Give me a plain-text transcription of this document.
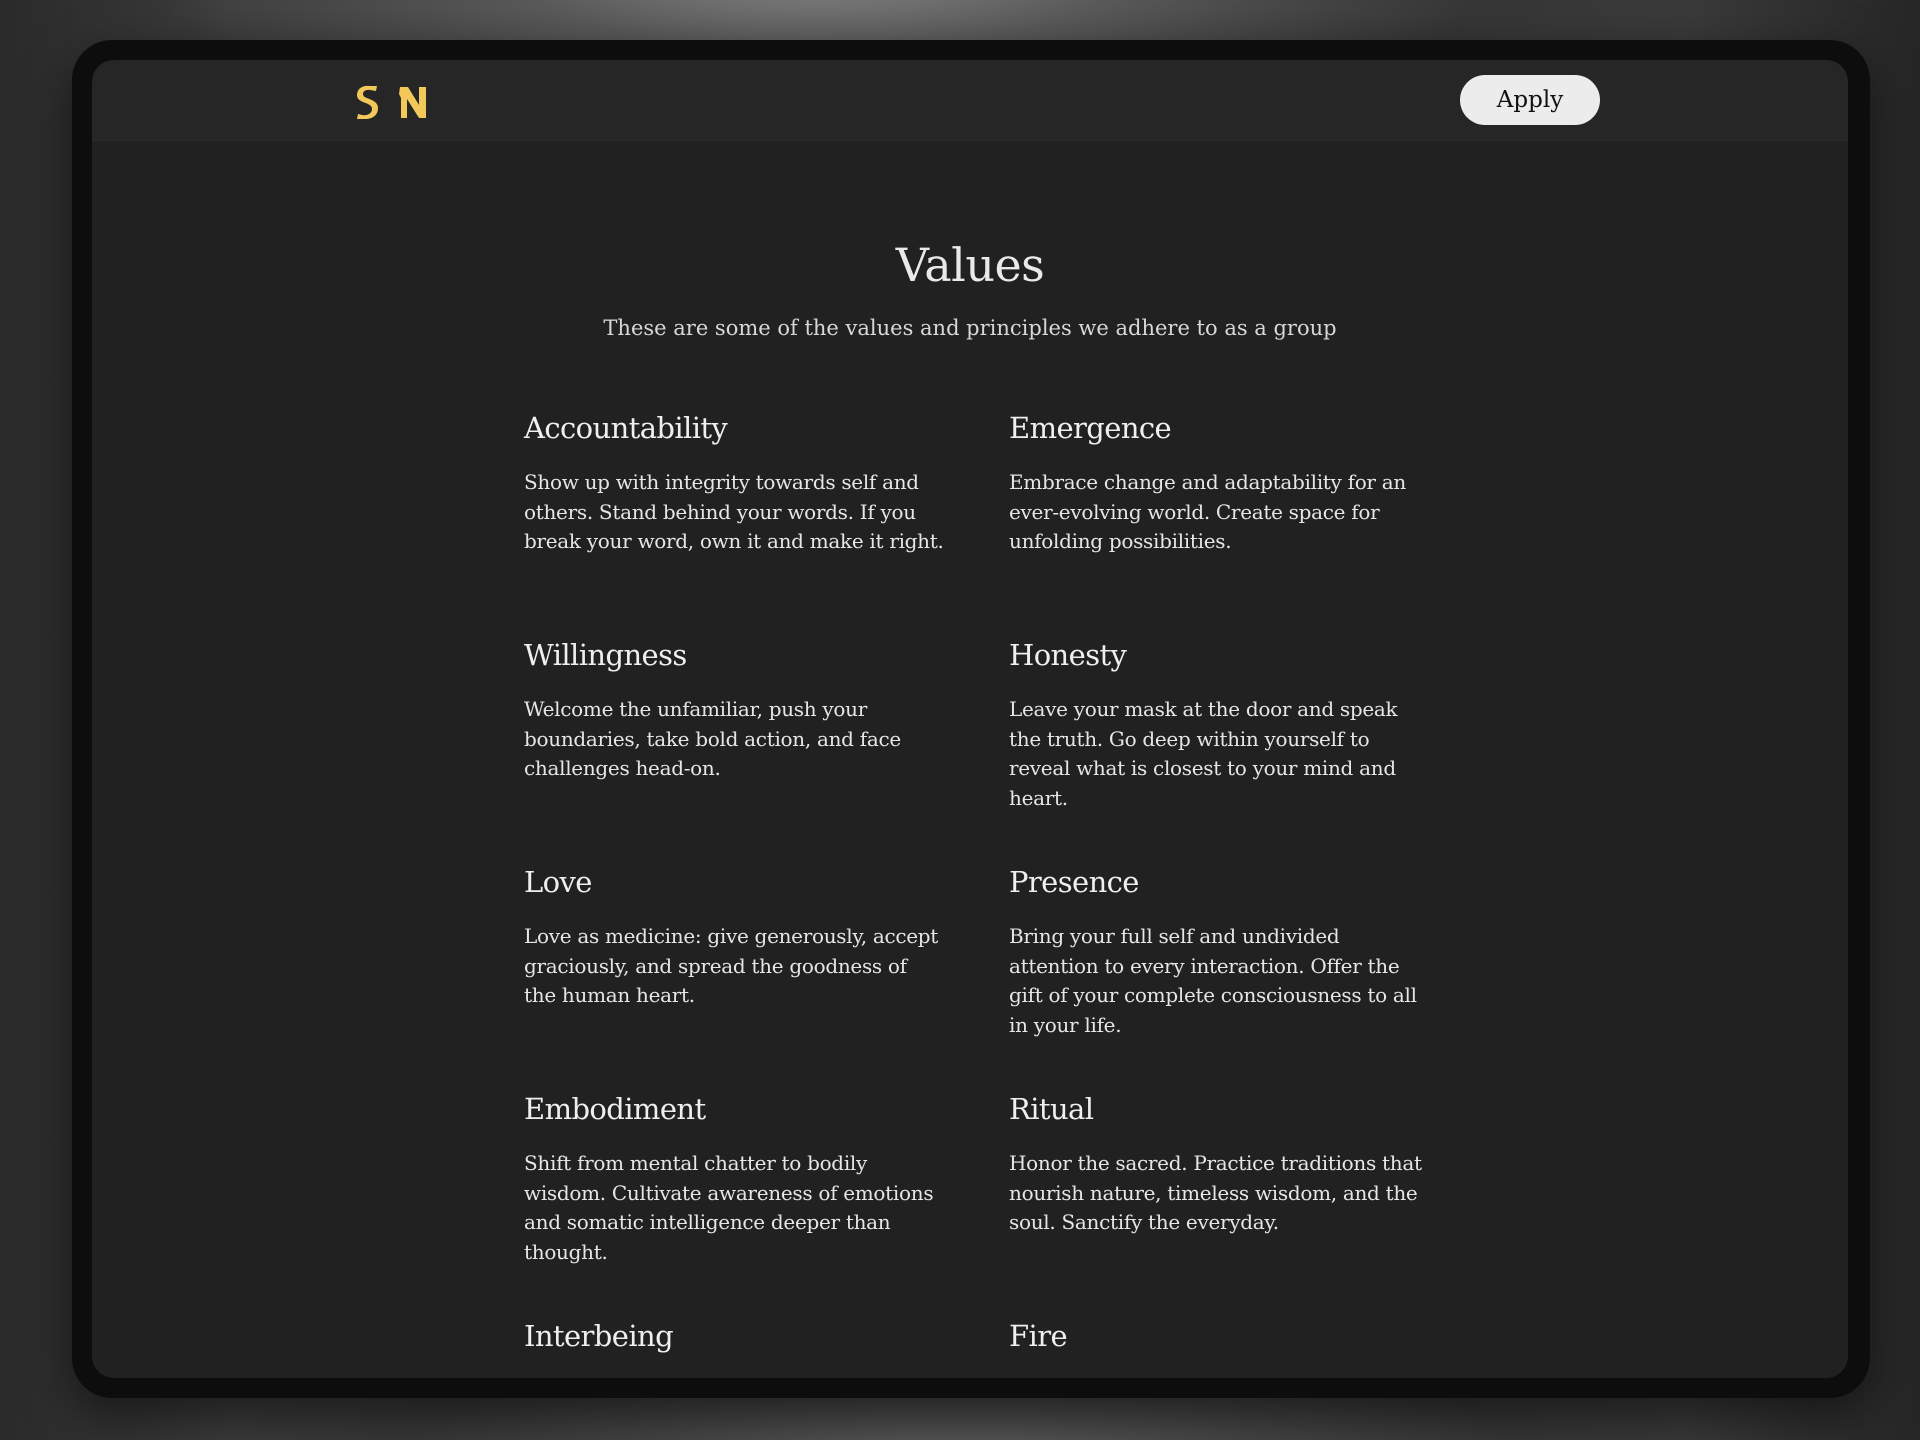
Apply
Values

These are some of the values and principles we adhere to as a group

Accountability

Show up with integrity towards self and others. Stand behind your words. If you break your word, own it and make it right.

Emergence

Embrace change and adaptability for an ever-evolving world. Create space for unfolding possibilities.

Willingness

Welcome the unfamiliar, push your boundaries, take bold action, and face challenges head-on.

Honesty

Leave your mask at the door and speak the truth. Go deep within yourself to reveal what is closest to your mind and heart.

Love

Love as medicine: give generously, accept graciously, and spread the goodness of the human heart.

Presence

Bring your full self and undivided attention to every interaction. Offer the gift of your complete consciousness to all in your life.

Embodiment

Shift from mental chatter to bodily wisdom. Cultivate awareness of emotions and somatic intelligence deeper than thought.

Ritual

Honor the sacred. Practice traditions that nourish nature, timeless wisdom, and the soul. Sanctify the everyday.

Interbeing	Fire
